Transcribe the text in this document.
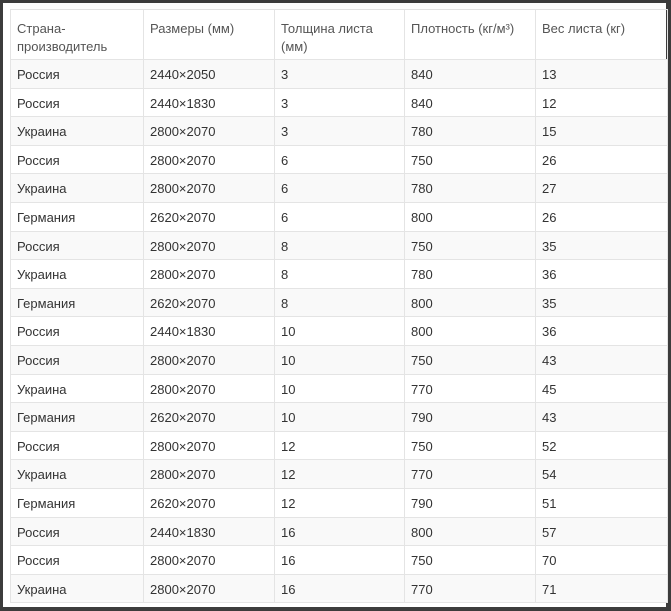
Страна-производитель	Размеры (мм)	Толщина листа (мм)	Плотность (кг/м³)	Вес листа (кг)
Россия	2440×2050	3	840	13
Россия	2440×1830	3	840	12
Украина	2800×2070	3	780	15
Россия	2800×2070	6	750	26
Украина	2800×2070	6	780	27
Германия	2620×2070	6	800	26
Россия	2800×2070	8	750	35
Украина	2800×2070	8	780	36
Германия	2620×2070	8	800	35
Россия	2440×1830	10	800	36
Россия	2800×2070	10	750	43
Украина	2800×2070	10	770	45
Германия	2620×2070	10	790	43
Россия	2800×2070	12	750	52
Украина	2800×2070	12	770	54
Германия	2620×2070	12	790	51
Россия	2440×1830	16	800	57
Россия	2800×2070	16	750	70
Украина	2800×2070	16	770	71
